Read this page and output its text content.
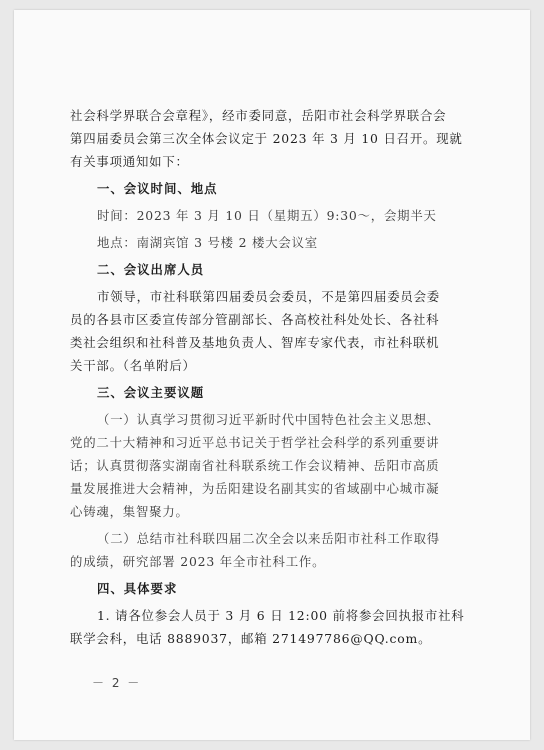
社会科学界联合会章程》，经市委同意，岳阳市社会科学界联合会

第四届委员会第三次全体会议定于 2023 年 3 月 10 日召开。现就

有关事项通知如下：

一、会议时间、地点

时间：2023 年 3 月 10 日（星期五）9:30～，会期半天

地点：南湖宾馆 3 号楼 2 楼大会议室

二、会议出席人员

市领导，市社科联第四届委员会委员，不是第四届委员会委

员的各县市区委宣传部分管副部长、各高校社科处处长、各社科

类社会组织和社科普及基地负责人、智库专家代表，市社科联机

关干部。（名单附后）

三、会议主要议题

（一）认真学习贯彻习近平新时代中国特色社会主义思想、

党的二十大精神和习近平总书记关于哲学社会科学的系列重要讲

话；认真贯彻落实湖南省社科联系统工作会议精神、岳阳市高质

量发展推进大会精神，为岳阳建设名副其实的省域副中心城市凝

心铸魂，集智聚力。

（二）总结市社科联四届二次全会以来岳阳市社科工作取得

的成绩，研究部署 2023 年全市社科工作。

四、具体要求

1. 请各位参会人员于 3 月 6 日 12:00 前将参会回执报市社科

联学会科，电话 8889037，邮箱 271497786@QQ.com。

－ 2 －
